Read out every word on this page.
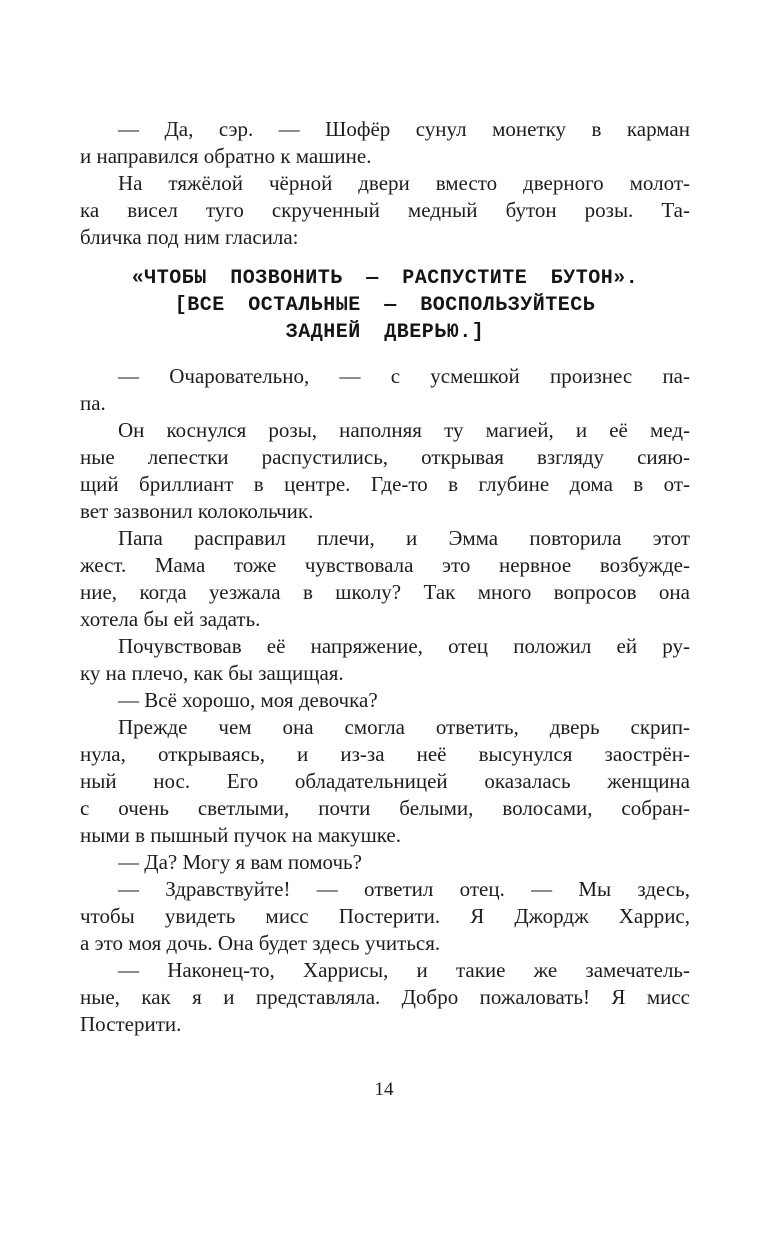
— Да, сэр. — Шофёр сунул монетку в карман
и направился обратно к машине.
На тяжёлой чёрной двери вместо дверного молот-
ка висел туго скрученный медный бутон розы. Та-
бличка под ним гласила:
«ЧТОБЫ ПОЗВОНИТЬ — РАСПУСТИТЕ БУТОН».
[ВСЕ ОСТАЛЬНЫЕ — ВОСПОЛЬЗУЙТЕСЬ
ЗАДНЕЙ ДВЕРЬЮ.]
— Очаровательно, — с усмешкой произнес па-
па.
Он коснулся розы, наполняя ту магией, и её мед-
ные лепестки распустились, открывая взгляду сияю-
щий бриллиант в центре. Где-то в глубине дома в от-
вет зазвонил колокольчик.
Папа расправил плечи, и Эмма повторила этот
жест. Мама тоже чувствовала это нервное возбужде-
ние, когда уезжала в школу? Так много вопросов она
хотела бы ей задать.
Почувствовав её напряжение, отец положил ей ру-
ку на плечо, как бы защищая.
— Всё хорошо, моя девочка?
Прежде чем она смогла ответить, дверь скрип-
нула, открываясь, и из-за неё высунулся заострён-
ный нос. Его обладательницей оказалась женщина
с очень светлыми, почти белыми, волосами, собран-
ными в пышный пучок на макушке.
— Да? Могу я вам помочь?
— Здравствуйте! — ответил отец. — Мы здесь,
чтобы увидеть мисс Постерити. Я Джордж Харрис,
а это моя дочь. Она будет здесь учиться.
— Наконец-то, Харрисы, и такие же замечатель-
ные, как я и представляла. Добро пожаловать! Я мисс
Постерити.
14
